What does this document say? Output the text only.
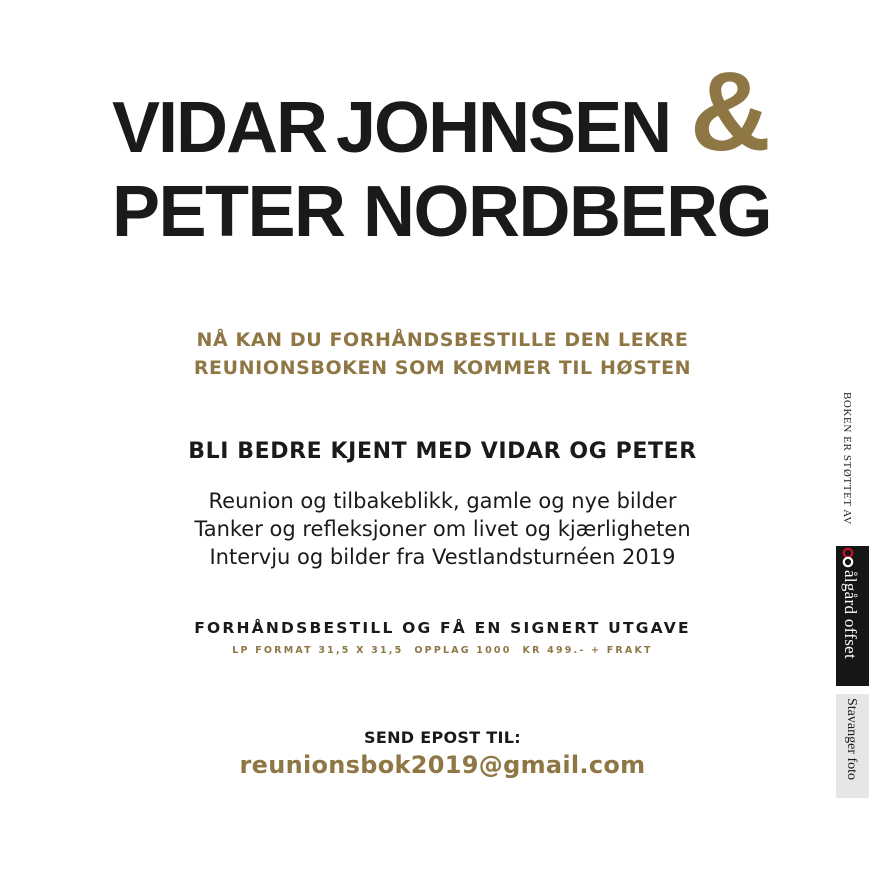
VIDAR JOHNSEN &
PETER NORDBERG
NÅ KAN DU FORHÅNDSBESTILLE DEN LEKRE
REUNIONSBOKEN SOM KOMMER TIL HØSTEN
BLI BEDRE KJENT MED VIDAR OG PETER
Reunion og tilbakeblikk, gamle og nye bilder
Tanker og refleksjoner om livet og kjærligheten
Intervju og bilder fra Vestlandsturnéen 2019
FORHÅNDSBESTILL OG FÅ EN SIGNERT UTGAVE
LP FORMAT 31,5 X 31,5  OPPLAG 1000  KR 499.- + FRAKT
SEND EPOST TIL:
reunionsbok2019@gmail.com
BOKEN ER STØTTET AV
ålgård offset
Stavanger foto
